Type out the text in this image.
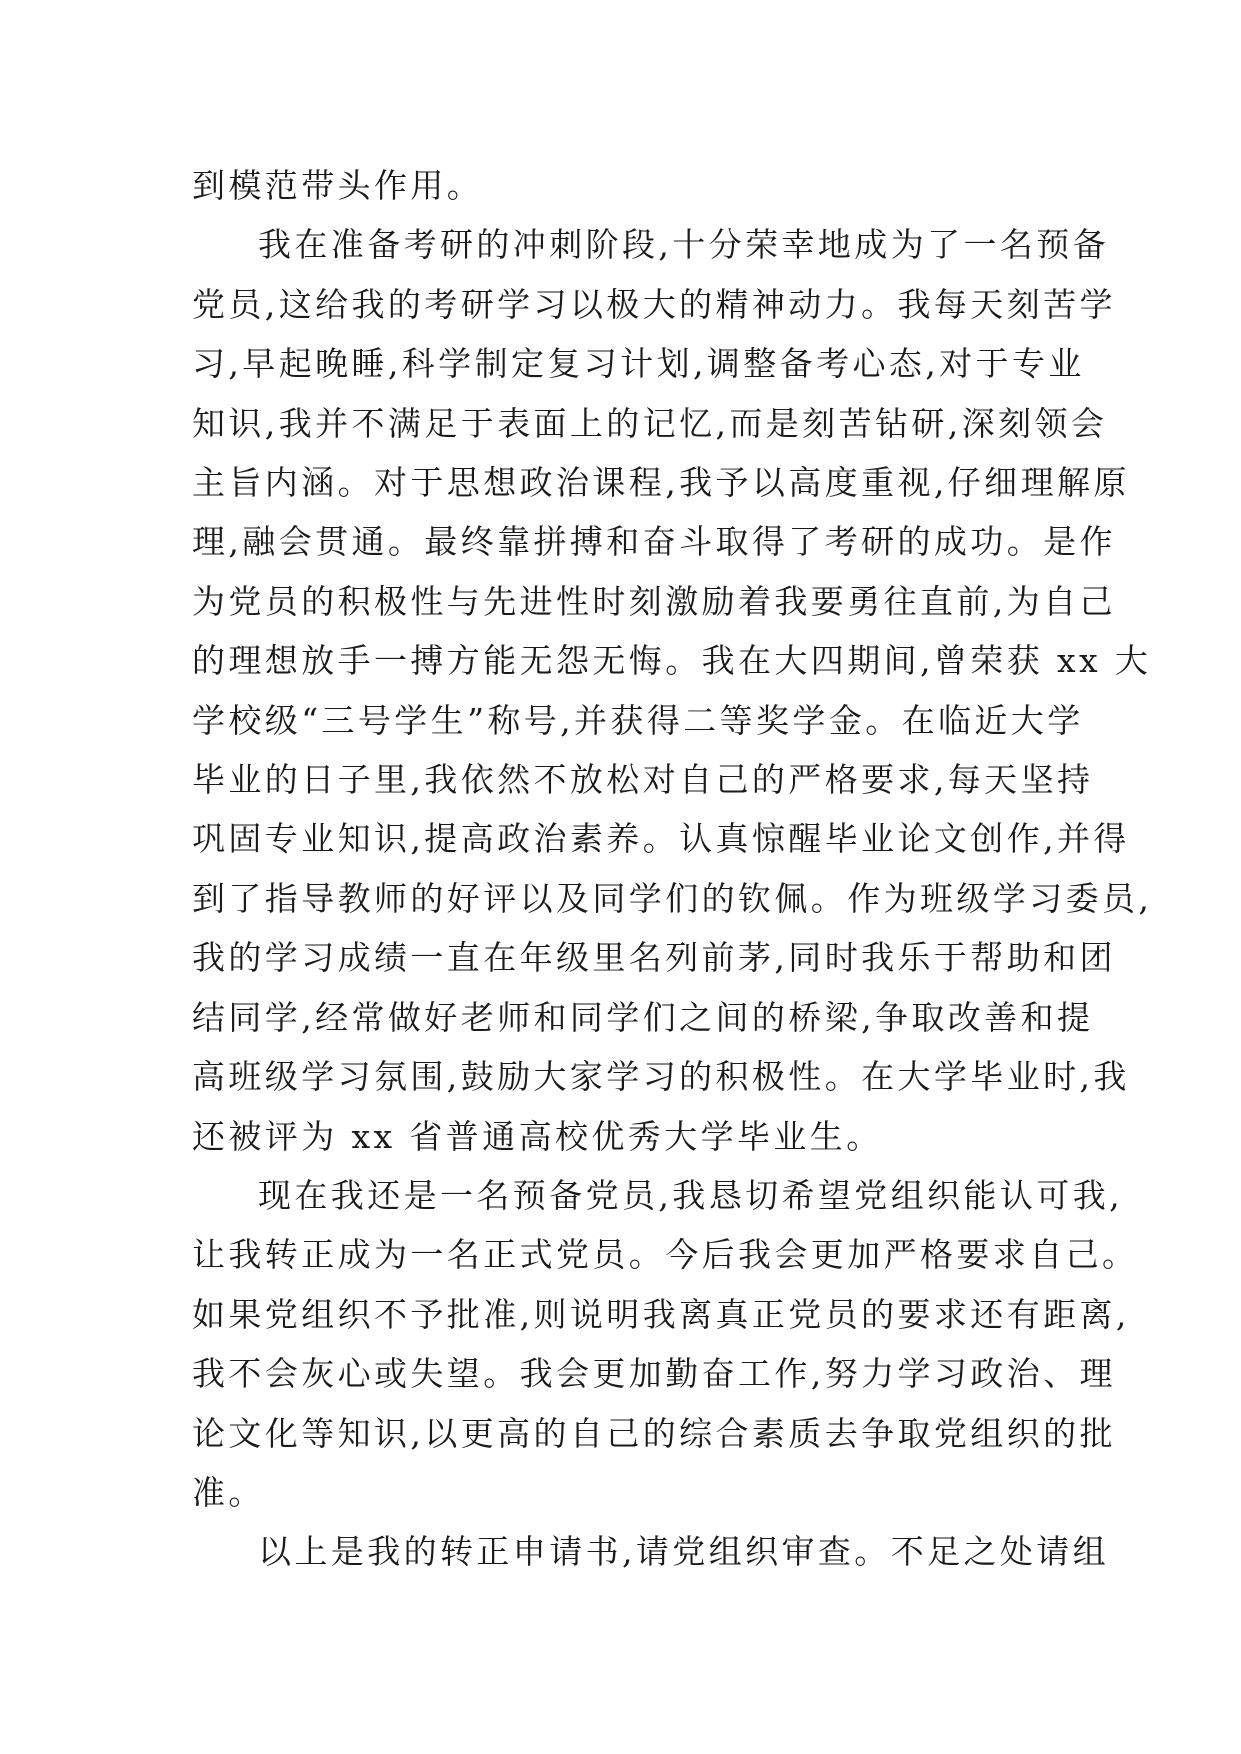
到模范带头作用。

我在准备考研的冲刺阶段,十分荣幸地成为了一名预备
党员,这给我的考研学习以极大的精神动力。我每天刻苦学
习,早起晚睡,科学制定复习计划,调整备考心态,对于专业
知识,我并不满足于表面上的记忆,而是刻苦钻研,深刻领会
主旨内涵。对于思想政治课程,我予以高度重视,仔细理解原
理,融会贯通。最终靠拼搏和奋斗取得了考研的成功。是作
为党员的积极性与先进性时刻激励着我要勇往直前,为自己
的理想放手一搏方能无怨无悔。我在大四期间,曾荣获 xx 大
学校级“三号学生”称号,并获得二等奖学金。在临近大学
毕业的日子里,我依然不放松对自己的严格要求,每天坚持
巩固专业知识,提高政治素养。认真惊醒毕业论文创作,并得
到了指导教师的好评以及同学们的钦佩。作为班级学习委员,
我的学习成绩一直在年级里名列前茅,同时我乐于帮助和团
结同学,经常做好老师和同学们之间的桥梁,争取改善和提
高班级学习氛围,鼓励大家学习的积极性。在大学毕业时,我
还被评为 xx 省普通高校优秀大学毕业生。

现在我还是一名预备党员,我恳切希望党组织能认可我,
让我转正成为一名正式党员。今后我会更加严格要求自己。
如果党组织不予批准,则说明我离真正党员的要求还有距离,
我不会灰心或失望。我会更加勤奋工作,努力学习政治、理
论文化等知识,以更高的自己的综合素质去争取党组织的批
准。

以上是我的转正申请书,请党组织审查。不足之处请组
